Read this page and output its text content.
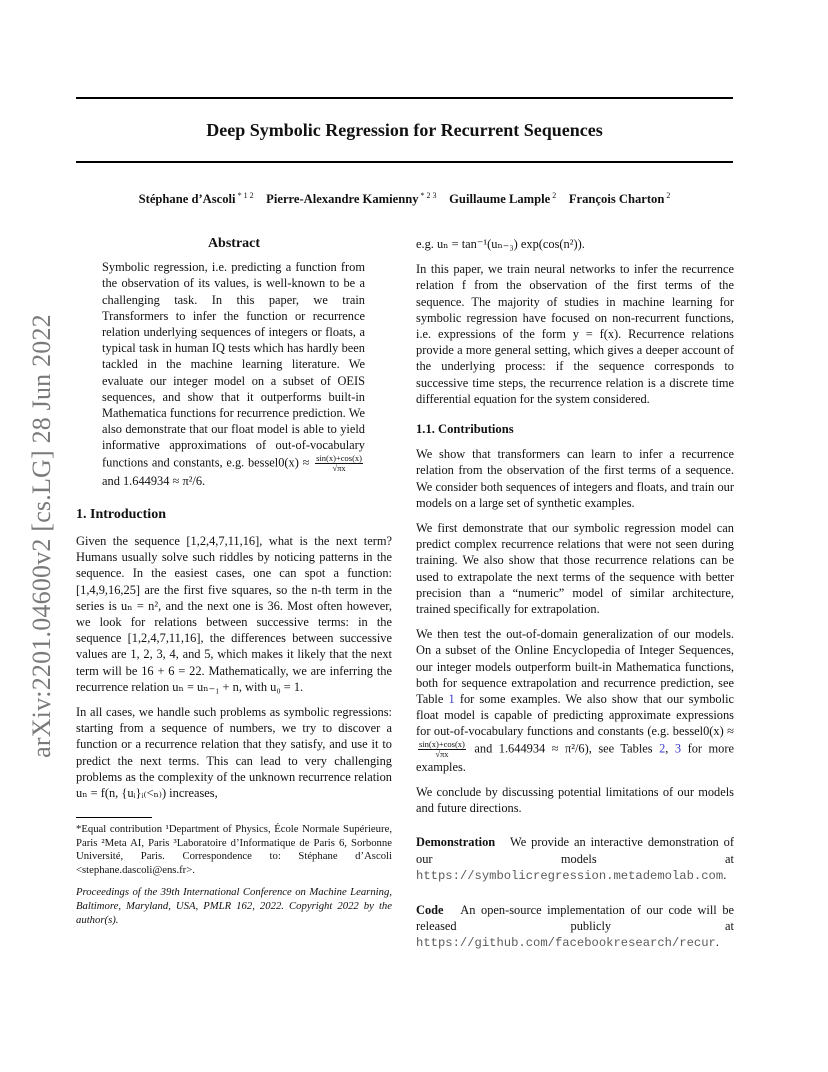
Deep Symbolic Regression for Recurrent Sequences
Stéphane d’Ascoli $^{* 1 2}$   Pierre-Alexandre Kamienny $^{* 2 3}$   Guillaume Lample $^2$   François Charton $^2$
arXiv:2201.04600v2 [cs.LG] 28 Jun 2022
Abstract

Symbolic regression, i.e. predicting a function from the observation of its values, is well-known to be a challenging task. In this paper, we train Transformers to infer the function or recurrence relation underlying sequences of integers or floats, a typical task in human IQ tests which has hardly been tackled in the machine learning literature. We evaluate our integer model on a subset of OEIS sequences, and show that it outperforms built-in Mathematica functions for recurrence prediction. We also demonstrate that our float model is able to yield informative approximations of out-of-vocabulary functions and constants, e.g. bessel0(x) ≈ $\frac{\sin(x)+\cos(x)}{√\pi x}$
and 1.644934 ≈ π²/6.

1. Introduction

Given the sequence [1,2,4,7,11,16], what is the next term? Humans usually solve such riddles by noticing patterns in the sequence. In the easiest cases, one can spot a function: [1,4,9,16,25] are the first five squares, so the n-th term in the series is uₙ = n², and the next one is 36. Most often however, we look for relations between successive terms: in the sequence [1,2,4,7,11,16], the differences between successive values are 1, 2, 3, 4, and 5, which makes it likely that the next term will be 16 + 6 = 22. Mathematically, we are inferring the recurrence relation uₙ = uₙ₋₁ + n, with u₀ = 1.

In all cases, we handle such problems as symbolic regressions: starting from a sequence of numbers, we try to discover a function or a recurrence relation that they satisfy, and use it to predict the next terms. This can lead to very challenging problems as the complexity of the unknown recurrence relation uₙ = f(n, {uᵢ}ᵢ₍<ₙ₎) increases,

*Equal contribution ¹Department of Physics, École Normale Supérieure, Paris ²Meta AI, Paris ³Laboratoire d’Informatique de Paris 6, Sorbonne Université, Paris. Correspondence to: Stéphane d’Ascoli <stephane.dascoli@ens.fr>.

Proceedings of the 39th International Conference on Machine Learning, Baltimore, Maryland, USA, PMLR 162, 2022. Copyright 2022 by the author(s).

e.g. uₙ = tan⁻¹(uₙ₋₃) exp(cos(n²)).

In this paper, we train neural networks to infer the recurrence relation f from the observation of the first terms of the sequence. The majority of studies in machine learning for symbolic regression have focused on non-recurrent functions, i.e. expressions of the form y = f(x). Recurrence relations provide a more general setting, which gives a deeper account of the underlying process: if the sequence corresponds to successive time steps, the recurrence relation is a discrete time differential equation for the system considered.

1.1. Contributions

We show that transformers can learn to infer a recurrence relation from the observation of the first terms of a sequence. We consider both sequences of integers and floats, and train our models on a large set of synthetic examples.

We first demonstrate that our symbolic regression model can predict complex recurrence relations that were not seen during training. We also show that those recurrence relations can be used to extrapolate the next terms of the sequence with better precision than a “numeric” model of similar architecture, trained specifically for extrapolation.

We then test the out-of-domain generalization of our models. On a subset of the Online Encyclopedia of Integer Sequences, our integer models outperform built-in Mathematica functions, both for sequence extrapolation and recurrence prediction, see Table 1 for some examples. We also show that our symbolic float model is capable of predicting approximate expressions for out-of-vocabulary functions and constants (e.g. bessel0(x) ≈
$\frac{\sin(x)+\cos(x)}{√\pi x}$ and 1.644934 ≈ π²/6), see Tables 2, 3 for more examples.

We conclude by discussing potential limitations of our models and future directions.

Demonstration We provide an interactive demonstration of our models at https://symbolicregression.metademolab.com.

Code An open-source implementation of our code will be released publicly at https://github.com/facebookresearch/recur.
